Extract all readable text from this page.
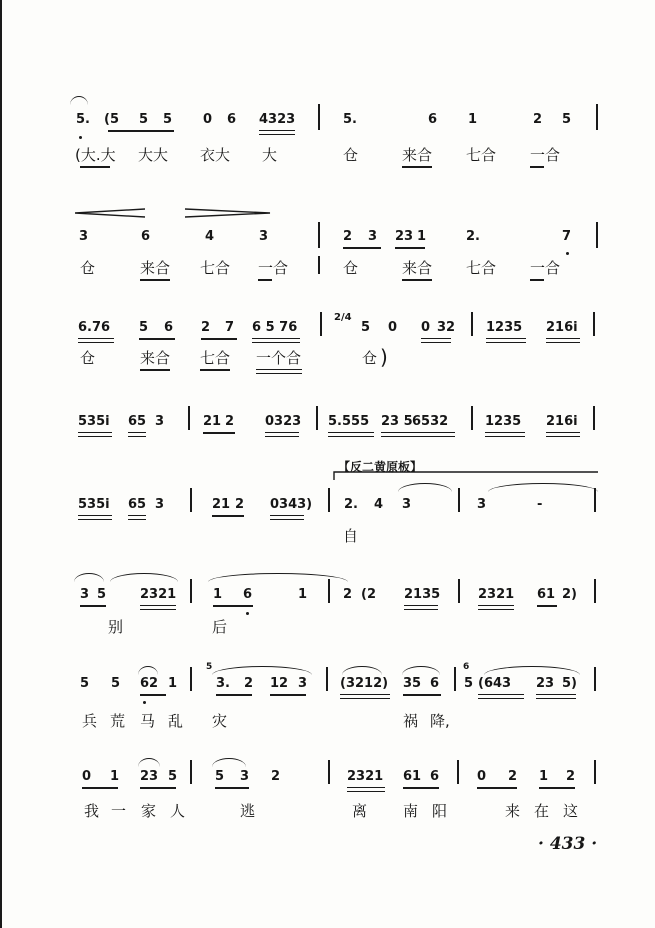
5. (5 5 5 0 6 4323	5.	6 1	2 5
(大.大 大大 衣大 大	仓	来合 七合 一合
3	6	4	3	2 3 23 1	2.	7
仓	来合 七合 一合	仓	来合 七合 一合
6.76 5 6 2 7 6 5 76
2/4
5 0 0 32 1235 216i
仓	来合 七合 一个合	仓 )
535i 65 3	21 2 0323 5.555 23 5 6532	1235 216i
【反二黄原板】
535i 65 3	21 2 0343) 2. 4 3	3	-
自
3 5	2321	1 6	1	2 (2 2135	2321 61 2)
别	后
5	6
5 5 62 1	3. 2 12 3	(3212) 35 6 5 (643 23 5)
兵 荒 马 乱 灾	祸 降,
0 1 23 5	5 3 2	2321 61 6	0 2 1 2
我 一 家 人	逃	离 南 阳	来 在 这
· 433 ·
